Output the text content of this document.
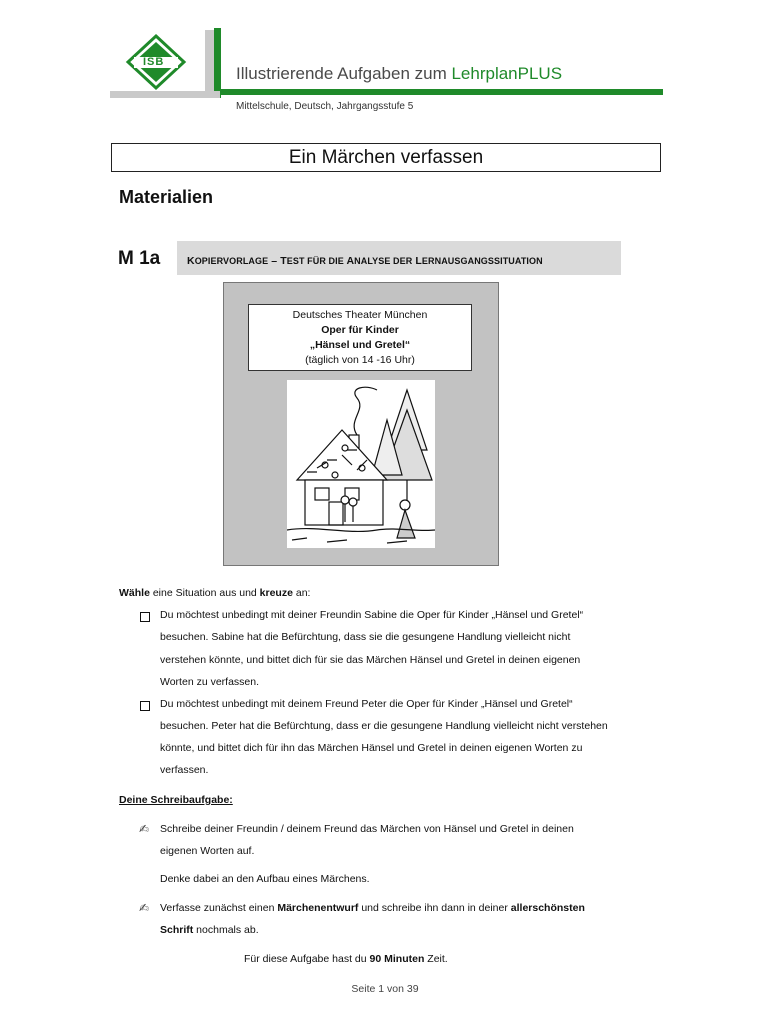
ISB
Illustrierende Aufgaben zum LehrplanPLUS
Mittelschule, Deutsch, Jahrgangsstufe 5
Ein Märchen verfassen
Materialien
M 1a	KOPIERVORLAGE – TEST FÜR DIE ANALYSE DER LERNAUSGANGSSITUATION
Deutsches Theater München
Oper für Kinder
„Hänsel und Gretel“
(täglich von 14 -16 Uhr)
Wähle eine Situation aus und kreuze an:
Du möchtest unbedingt mit deiner Freundin Sabine die Oper für Kinder „Hänsel und Gretel“
besuchen. Sabine hat die Befürchtung, dass sie die gesungene Handlung vielleicht nicht
verstehen könnte, und bittet dich für sie das Märchen Hänsel und Gretel in deinen eigenen
Worten zu verfassen.
Du möchtest unbedingt mit deinem Freund Peter die Oper für Kinder „Hänsel und Gretel“
besuchen. Peter hat die Befürchtung, dass er die gesungene Handlung vielleicht nicht verstehen
könnte, und bittet dich für ihn das Märchen Hänsel und Gretel in deinen eigenen Worten zu
verfassen.
Deine Schreibaufgabe:
✍ Schreibe deiner Freundin / deinem Freund das Märchen von Hänsel und Gretel in deinen
eigenen Worten auf.
Denke dabei an den Aufbau eines Märchens.
✍ Verfasse zunächst einen Märchenentwurf und schreibe ihn dann in deiner allerschönsten
Schrift nochmals ab.
Für diese Aufgabe hast du 90 Minuten Zeit.
Seite 1 von 39
